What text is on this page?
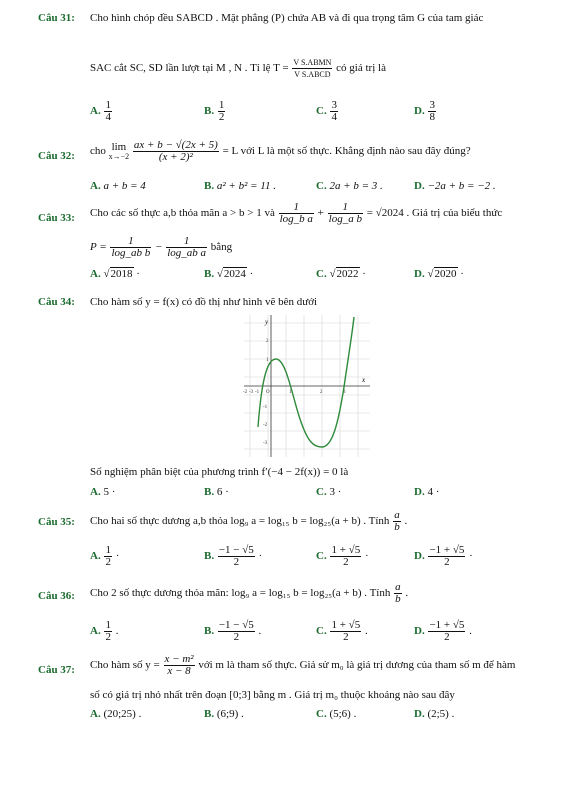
Câu 31: Cho hình chóp đều SABCD . Mặt phẳng (P) chứa AB và đi qua trọng tâm G của tam giác
SAC cắt SC, SD lần lượt tại M , N . Tỉ lệ $T = \frac{\text{V S.ABMN}}{\text{V S.ABCD}}$ có giá trị là
A. $\frac{1}{4}$	B. $\frac{1}{2}$	C. $\frac{3}{4}$	D. $\frac{3}{8}$
Câu 32: cho lim
x→−2
$\frac{ax + b - √(2x + 5)}{\text{(x + 2)²}} = L$ với L là một số thực. Khẳng định nào sau đây đúng?
A. a + b = 4	B. a² + b² = 11 .	C. 2a + b = 3 .	D. −2a + b = −2 .
Câu 33: Cho các số thực a,b thỏa mãn a > b > 1 và $\frac{1}{\text{log\_b a}} + \frac{1}{\text{log\_a b}} = √2024$ . Giá trị của biểu thức
$P = \frac{1}{\text{log\_ab b}} - \frac{1}{\text{log\_ab a}}$ bằng
A. √2018 ·	B. √2024 ·	C. √2022 ·	D. √2020 ·
Câu 34: Cho hàm số y = f(x) có đồ thị như hình vẽ bên dưới
x
y
-3
-2 -1 O	1	2	3
2
1
-1
-2
-3
Số nghiệm phân biệt của phương trình f′(−4 − 2f(x)) = 0 là
A. 5 ·	B. 6 ·	C. 3 ·	D. 4 ·
Câu 35: Cho hai số thực dương a,b thỏa log₉ a = log₁₅ b = log₂₅(a + b) . Tính $\frac{a}{b}$ .
A. $\frac{1}{2}$ ·	B. $\frac{-1 - √5}{2}$ ·	C. $\frac{1 + √5}{2}$ ·	D. $\frac{-1 + √5}{2}$ ·
Câu 36: Cho 2 số thực dương thỏa mãn: log₉ a = log₁₅ b = log₂₅(a + b) . Tính $\frac{a}{b}$ .
A. $\frac{1}{2}$ .	B. $\frac{-1 - √5}{2}$ .	C. $\frac{1 + √5}{2}$ .	D. $\frac{-1 + √5}{2}$ .
Câu 37: Cho hàm số $y = \frac{\text{x − m²}}{x - 8}$ với m là tham số thực. Giả sử m₀ là giá trị dương của tham số m để hàm
số có giá trị nhỏ nhất trên đoạn [0;3] bằng m . Giá trị m₀ thuộc khoảng nào sau đây
A. (20;25) .	B. (6;9) .	C. (5;6) .	D. (2;5) .
